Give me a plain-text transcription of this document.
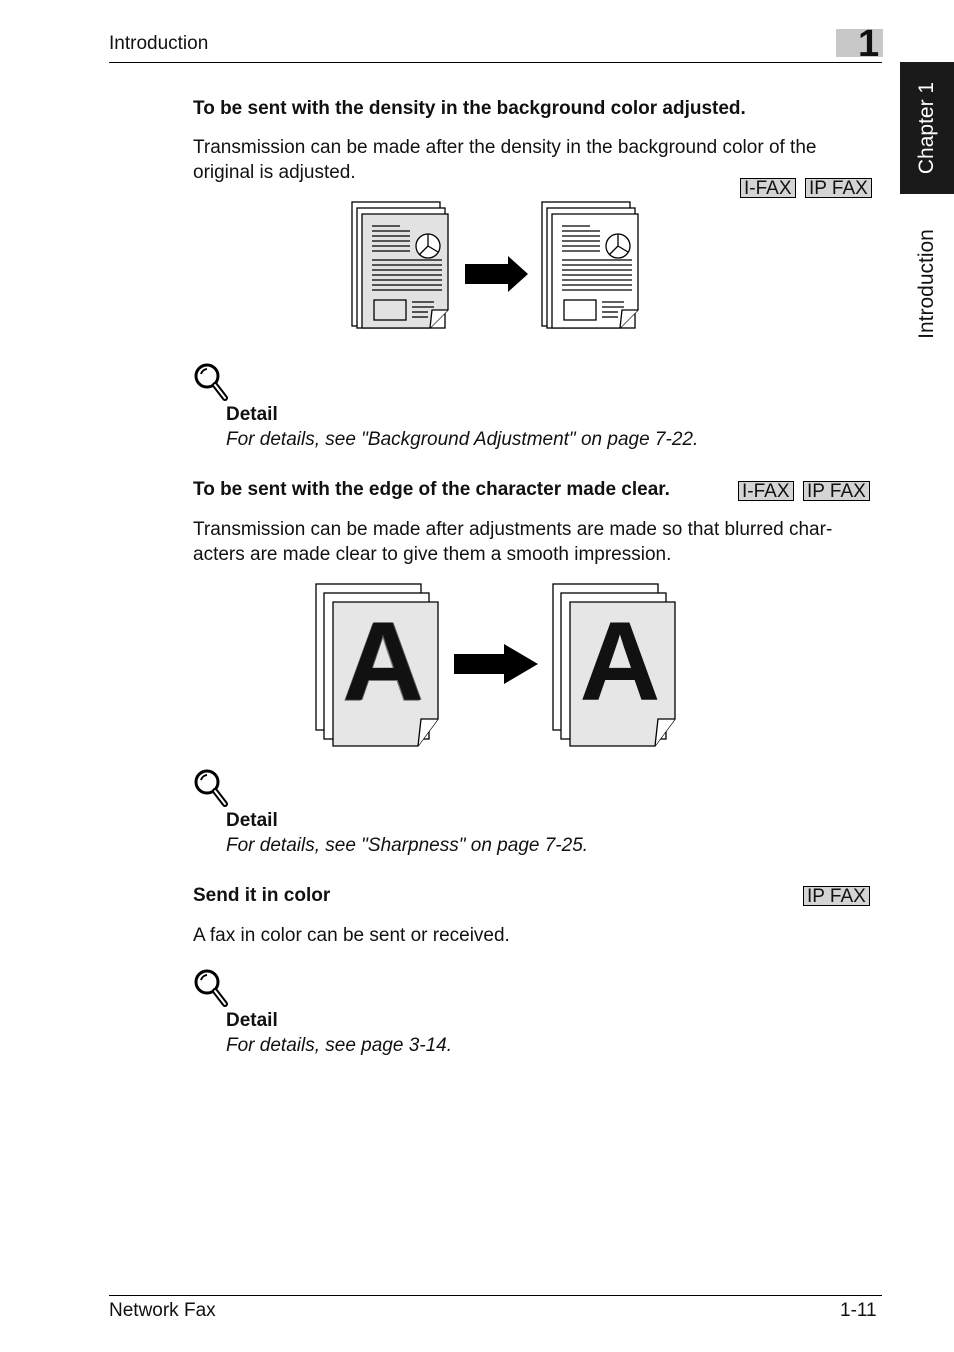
Introduction	1
Chapter 1
Introduction
To be sent with the density in the background color adjusted.
Transmission can be made after the density in the background color of the
original is adjusted.
I-FAX IP FAX
Detail
For details, see "Background Adjustment" on page 7-22.
To be sent with the edge of the character made clear.	I-FAX IP FAX
Transmission can be made after adjustments are made so that blurred char-
acters are made clear to give them a smooth impression.
A A
Detail
For details, see "Sharpness" on page 7-25.
Send it in color	IP FAX
A fax in color can be sent or received.
Detail
For details, see page 3-14.
Network Fax	1-11
